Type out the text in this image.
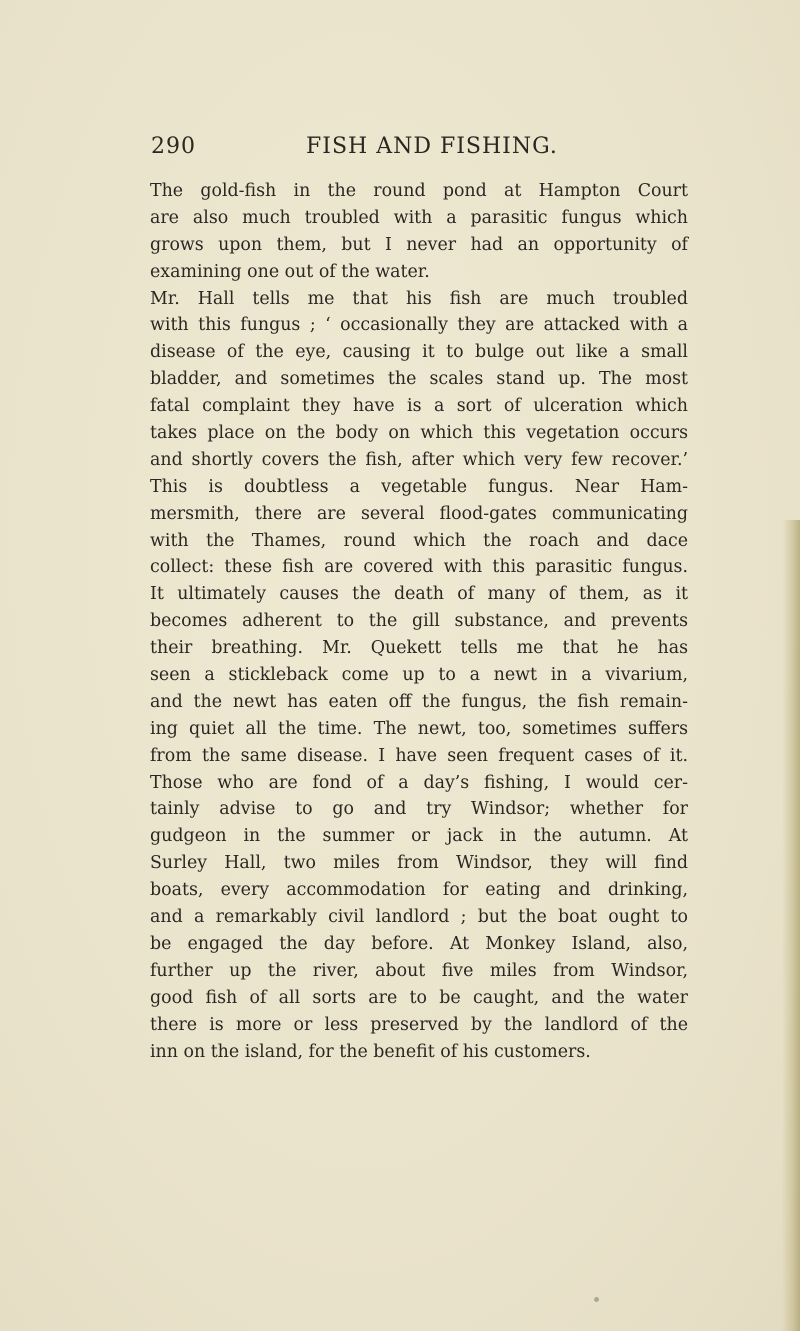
290	FISH AND FISHING.
The gold-fish in the round pond at Hampton Court
are also much troubled with a parasitic fungus which
grows upon them, but I never had an opportunity of
examining one out of the water.
Mr. Hall tells me that his fish are much troubled
with this fungus ; ‘ occasionally they are attacked with a
disease of the eye, causing it to bulge out like a small
bladder, and sometimes the scales stand up. The most
fatal complaint they have is a sort of ulceration which
takes place on the body on which this vegetation occurs
and shortly covers the fish, after which very few recover.’
This is doubtless a vegetable fungus. Near Ham-
mersmith, there are several flood-gates communicating
with the Thames, round which the roach and dace
collect: these fish are covered with this parasitic fungus.
It ultimately causes the death of many of them, as it
becomes adherent to the gill substance, and prevents
their breathing. Mr. Quekett tells me that he has
seen a stickleback come up to a newt in a vivarium,
and the newt has eaten off the fungus, the fish remain-
ing quiet all the time. The newt, too, sometimes suffers
from the same disease. I have seen frequent cases of it.
Those who are fond of a day’s fishing, I would cer-
tainly advise to go and try Windsor; whether for
gudgeon in the summer or jack in the autumn. At
Surley Hall, two miles from Windsor, they will find
boats, every accommodation for eating and drinking,
and a remarkably civil landlord ; but the boat ought to
be engaged the day before. At Monkey Island, also,
further up the river, about five miles from Windsor,
good fish of all sorts are to be caught, and the water
there is more or less preserved by the landlord of the
inn on the island, for the benefit of his customers.
